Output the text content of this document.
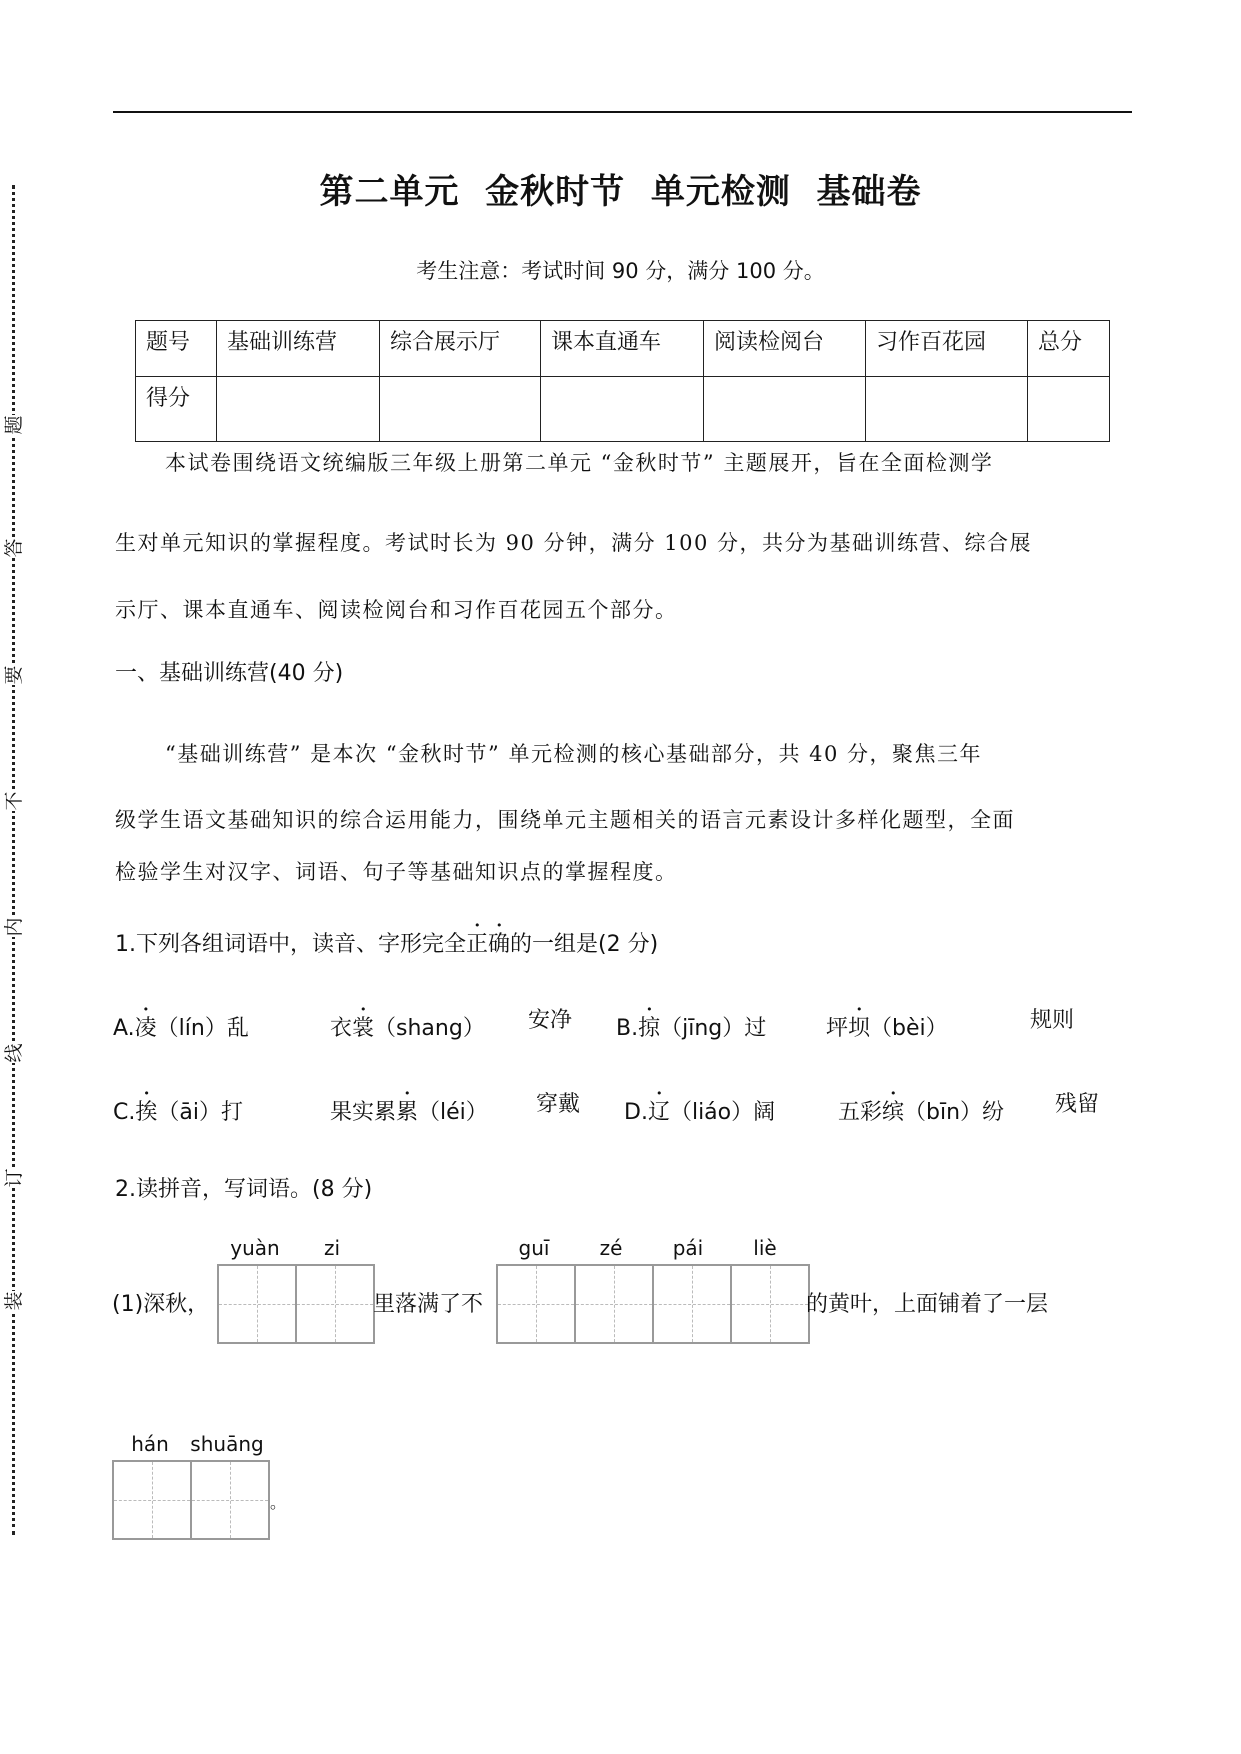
题
答
要
不
内
线
订
装
第二单元  金秋时节  单元检测  基础卷
考生注意：考试时间 90 分，满分 100 分。
题号	基础训练营	综合展示厅	课本直通车	阅读检阅台	习作百花园	总分
得分						
本试卷围绕语文统编版三年级上册第二单元 “金秋时节” 主题展开，旨在全面检测学
生对单元知识的掌握程度。考试时长为 90 分钟，满分 100 分，共分为基础训练营、综合展
示厅、课本直通车、阅读检阅台和习作百花园五个部分。
一、基础训练营(40 分)
“基础训练营” 是本次 “金秋时节” 单元检测的核心基础部分，共 40 分，聚焦三年
级学生语文基础知识的综合运用能力，围绕单元主题相关的语言元素设计多样化题型，全面
检验学生对汉字、词语、句子等基础知识点的掌握程度。
1.下列各组词语中，读音、字形完全正确的一组是(2 分)
A.凌（lín）乱	衣裳（shang） 安净 B.掠（jīng）过	坪坝（bèi）	规则
C.挨（āi）打	果实累累（léi） 穿戴 D.辽（liáo）阔	五彩缤（bīn）纷 残留
2.读拼音，写词语。(8 分)
yuàn	zi	guī	zé	pái	liè
(1)深秋，	里落满了不	的黄叶，上面铺着了一层
hán	shuāng
。
